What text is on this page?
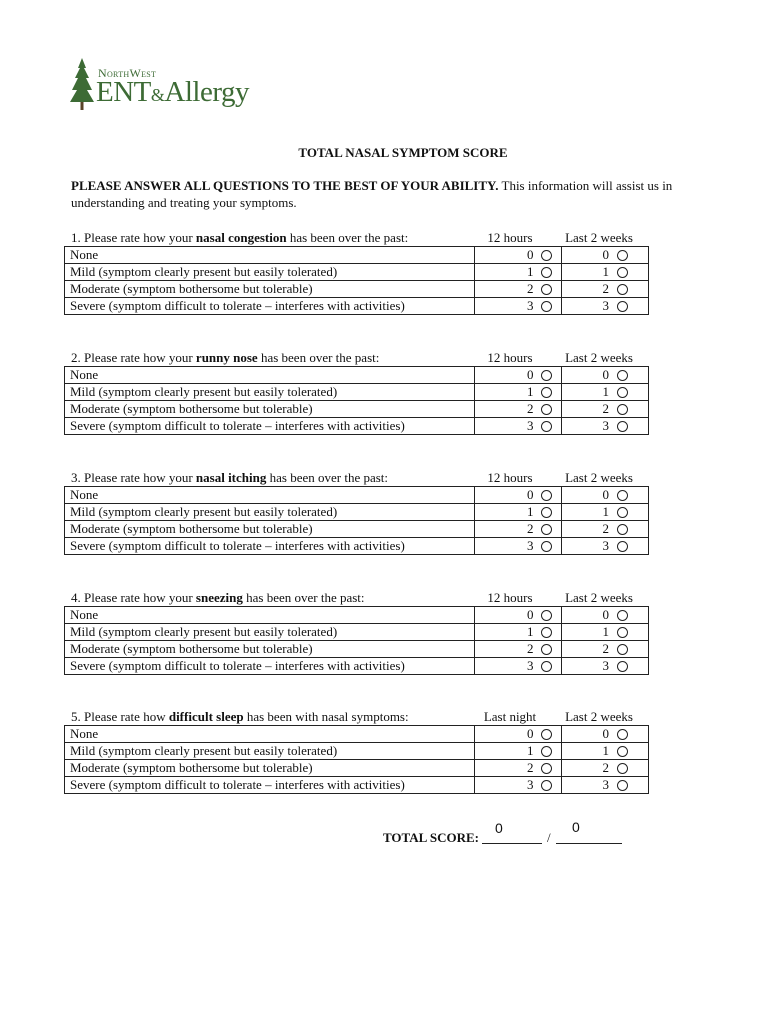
NorthWest
ENT&Allergy
TOTAL NASAL SYMPTOM SCORE
PLEASE ANSWER ALL QUESTIONS TO THE BEST OF YOUR ABILITY. This information will assist us in understanding and treating your symptoms.
1. Please rate how your nasal congestion has been over the past:	12 hours	Last 2 weeks
None	0	0

Mild (symptom clearly present but easily tolerated)	1	1

Moderate (symptom bothersome but tolerable)	2	2

Severe (symptom difficult to tolerate – interferes with activities)	3	3
2. Please rate how your runny nose has been over the past:	12 hours	Last 2 weeks
None	0	0

Mild (symptom clearly present but easily tolerated)	1	1

Moderate (symptom bothersome but tolerable)	2	2

Severe (symptom difficult to tolerate – interferes with activities)	3	3
3. Please rate how your nasal itching has been over the past:	12 hours	Last 2 weeks
None	0	0

Mild (symptom clearly present but easily tolerated)	1	1

Moderate (symptom bothersome but tolerable)	2	2

Severe (symptom difficult to tolerate – interferes with activities)	3	3
4. Please rate how your sneezing has been over the past:	12 hours	Last 2 weeks
None	0	0

Mild (symptom clearly present but easily tolerated)	1	1

Moderate (symptom bothersome but tolerable)	2	2

Severe (symptom difficult to tolerate – interferes with activities)	3	3
5. Please rate how difficult sleep has been with nasal symptoms:	Last night	Last 2 weeks
None	0	0

Mild (symptom clearly present but easily tolerated)	1	1

Moderate (symptom bothersome but tolerable)	2	2

Severe (symptom difficult to tolerate – interferes with activities)	3	3
TOTAL SCORE:
0
/
0
